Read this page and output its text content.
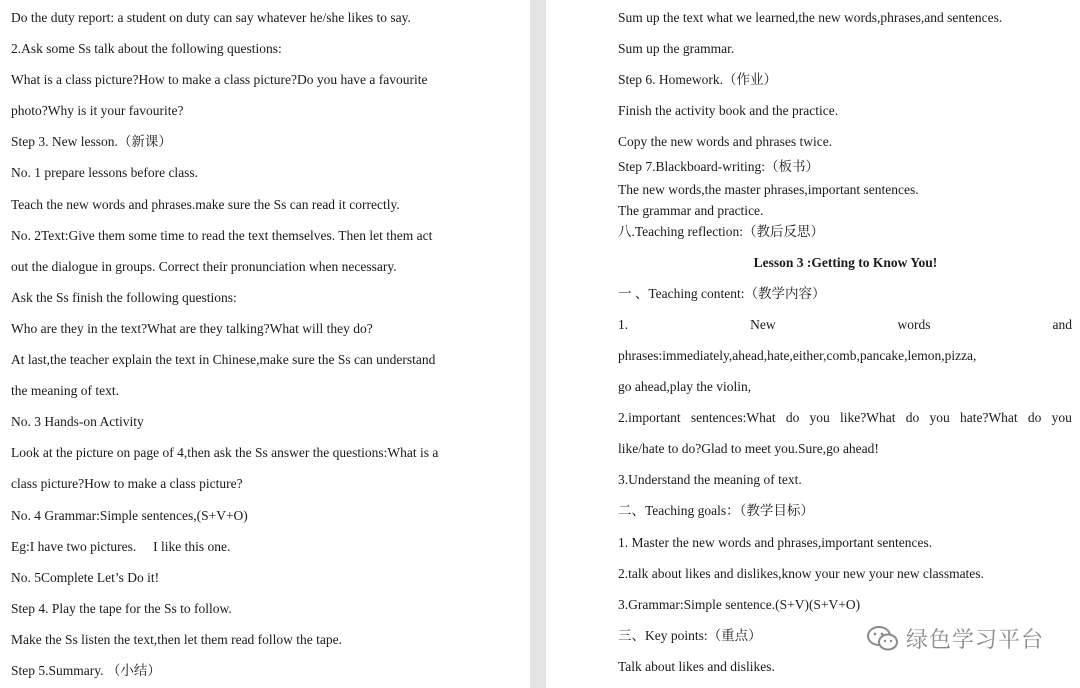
Do the duty report: a student on duty can say whatever he/she likes to say.
2.Ask some Ss talk about the following questions:
What is a class picture?How to make a class picture?Do you have a favourite
photo?Why is it your favourite?
Step 3. New lesson.（新课）
No. 1 prepare lessons before class.
Teach the new words and phrases.make sure the Ss can read it correctly.
No. 2Text:Give them some time to read the text themselves. Then let them act
out the dialogue in groups. Correct their pronunciation when necessary.
Ask the Ss finish the following questions:
Who are they in the text?What are they talking?What will they do?
At last,the teacher explain the text in Chinese,make sure the Ss can understand
the meaning of text.
No. 3 Hands-on Activity
Look at the picture on page of 4,then ask the Ss answer the questions:What is a
class picture?How to make a class picture?
No. 4 Grammar:Simple sentences,(S+V+O)
Eg:I have two pictures.     I like this one.
No. 5Complete Let’s Do it!
Step 4. Play the tape for the Ss to follow.
Make the Ss listen the text,then let them read follow the tape.
Step 5.Summary. （小结）
Sum up the text what we learned,the new words,phrases,and sentences.
Sum up the grammar.
Step 6. Homework.（作业）
Finish the activity book and the practice.
Copy the new words and phrases twice.
Step 7.Blackboard-writing:（板书）
The new words,the master phrases,important sentences.
The grammar and practice.
八.Teaching reflection:（教后反思）
Lesson 3 :Getting to Know You!
一 、Teaching content:（教学内容）
1.	New	words	and
phrases:immediately,ahead,hate,either,comb,pancake,lemon,pizza,
go ahead,play the violin,
2.important sentences:What do you like?What do you hate?What do you
like/hate to do?Glad to meet you.Sure,go ahead!
3.Understand the meaning of text.
二、Teaching goals：（教学目标）
1. Master the new words and phrases,important sentences.
2.talk about likes and dislikes,know your new your new classmates.
3.Grammar:Simple sentence.(S+V)(S+V+O)
三、Key points:（重点）
Talk about likes and dislikes.
绿色学习平台
